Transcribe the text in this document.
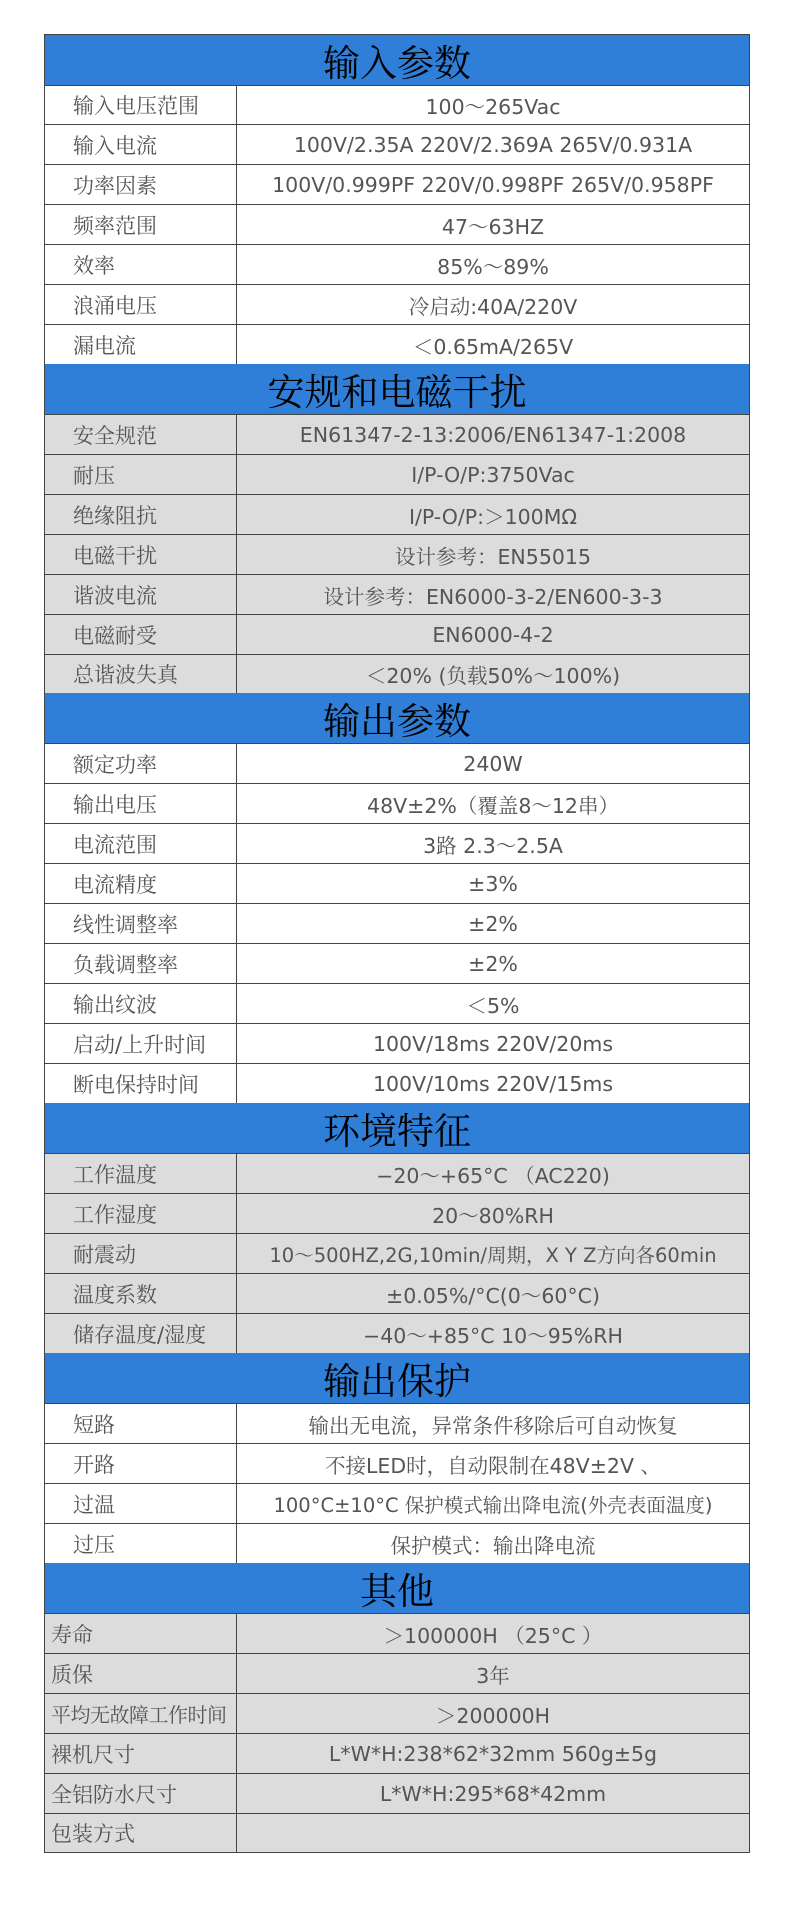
输入参数
输入电压范围	100～265Vac
输入电流	100V/2.35A 220V/2.369A 265V/0.931A
功率因素	100V/0.999PF 220V/0.998PF 265V/0.958PF
频率范围	47～63HZ
效率	85%～89%
浪涌电压	冷启动:40A/220V
漏电流	＜0.65mA/265V
安规和电磁干扰
安全规范	EN61347-2-13:2006/EN61347-1:2008
耐压	I/P-O/P:3750Vac
绝缘阻抗	I/P-O/P:＞100MΩ
电磁干扰	设计参考：EN55015
谐波电流	设计参考：EN6000-3-2/EN600-3-3
电磁耐受	EN6000-4-2
总谐波失真	＜20% (负载50%～100%)
输出参数
额定功率	240W
输出电压	48V±2%（覆盖8～12串）
电流范围	3路 2.3～2.5A
电流精度	±3%
线性调整率	±2%
负载调整率	±2%
输出纹波	＜5%
启动/上升时间	100V/18ms 220V/20ms
断电保持时间	100V/10ms 220V/15ms
环境特征
工作温度	−20～+65°C （AC220)
工作湿度	20～80%RH
耐震动	10～500HZ,2G,10min/周期，X Y Z方向各60min
温度系数	±0.05%/°C(0～60°C)
储存温度/湿度	−40～+85°C 10～95%RH
输出保护
短路	输出无电流，异常条件移除后可自动恢复
开路	不接LED时，自动限制在48V±2V 、
过温	100°C±10°C 保护模式输出降电流(外壳表面温度)
过压	保护模式：输出降电流
其他
寿命	＞100000H （25°C ）
质保	3年
平均无故障工作时间	＞200000H
裸机尺寸	L*W*H:238*62*32mm 560g±5g
全铝防水尺寸	L*W*H:295*68*42mm
包装方式
